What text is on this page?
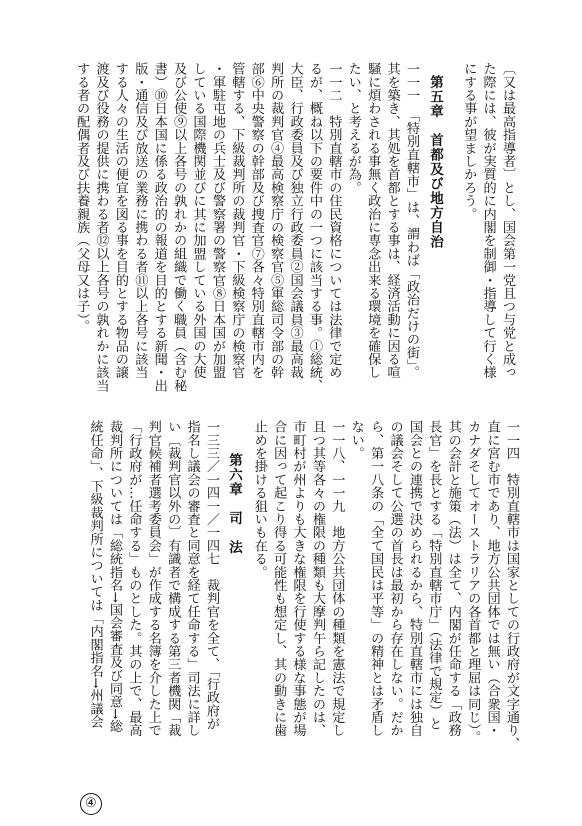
〔又は最高指導者〕とし、国会第一党且つ与党と成っ
た際には、彼が実質的に内閣を制御・指導して行く様
にする事が望ましかろう。
第五章　首都及び地方自治
一一一　「特別直轄市」は、謂わば「政治だけの街」。
其を築き、其処を首都とする事は、経済活動に因る喧
騒に煩わされる事無く政治に専念出来る環境を確保し
たい、と考えるが為。
一一二　特別直轄市の住民資格については法律で定め
るが、概ね以下の要件中の一つに該当する事。①総統、
大臣、行政委員及び独立行政委員②国会議員③最高裁
判所の裁判官④最高検察庁の検察官⑤軍総司令部の幹
部⑥中央警察の幹部及び捜査官⑦各々特別直轄市内を
管轄する、下級裁判所の裁判官・下級検察庁の検察官
・軍駐屯地の兵士及び警察署の警察官⑧日本国が加盟
している国際機関並びに其に加盟している外国の大使
及び公使⑨以上各号の孰れかの組織で働く職員（含む秘
書）⑩日本国に係る政治的の報道を目的とする新聞・出
版・通信及び放送の業務に携わる者⑪以上各号に該当
する人々の生活の便宜を図る事を目的とする物品の譲
渡及び役務の提供に携わる者⑫以上各号の孰れかに該当
する者の配偶者及び扶養親族（父母又は子）。
一一四　特別直轄市は国家としての行政府が文字通り、
直に宮む市であり、地方公共団体では無い（合衆国・
カナダそしてオーストラリアの各首都と理屈は同じ）。
其の会計と施策（法）は全て、内閣が任命する「政務
長官」を長とする「特別直轄市庁」（法律で規定）と
国会との連携で決められるから、特別直轄市には独自
の議会そして公選の首長は最初から存在しない。だか
ら、第一八条の「全て国民は平等」の精神とは矛盾し
ない。
一一八、一一九　地方公共団体の種類を憲法で規定し
且つ其等各々の権限の種類も大摩判午ら記したのは、
市町村が州よりも大きな権限を行使する様な事態が場
合に因って起こり得る可能性も想定し、其の動きに歯
止めを掛ける狙いも在る。
第六章　司　法
一三三／一四一／一四七　裁判官を全て、「行政府が
指名し議会の審査と同意を経て任命する」司法に詳し
い〔裁判官以外の〕有識者で構成する第三者機関「裁
判官候補者選考委員会」が作成する名簿を介した上で
「行政府が…任命する」ものとした。其の上で、最高
裁判所については「総統指名→国会審査及び同意→総
統任命」、下級裁判所については「内閣指名→州議会
④
